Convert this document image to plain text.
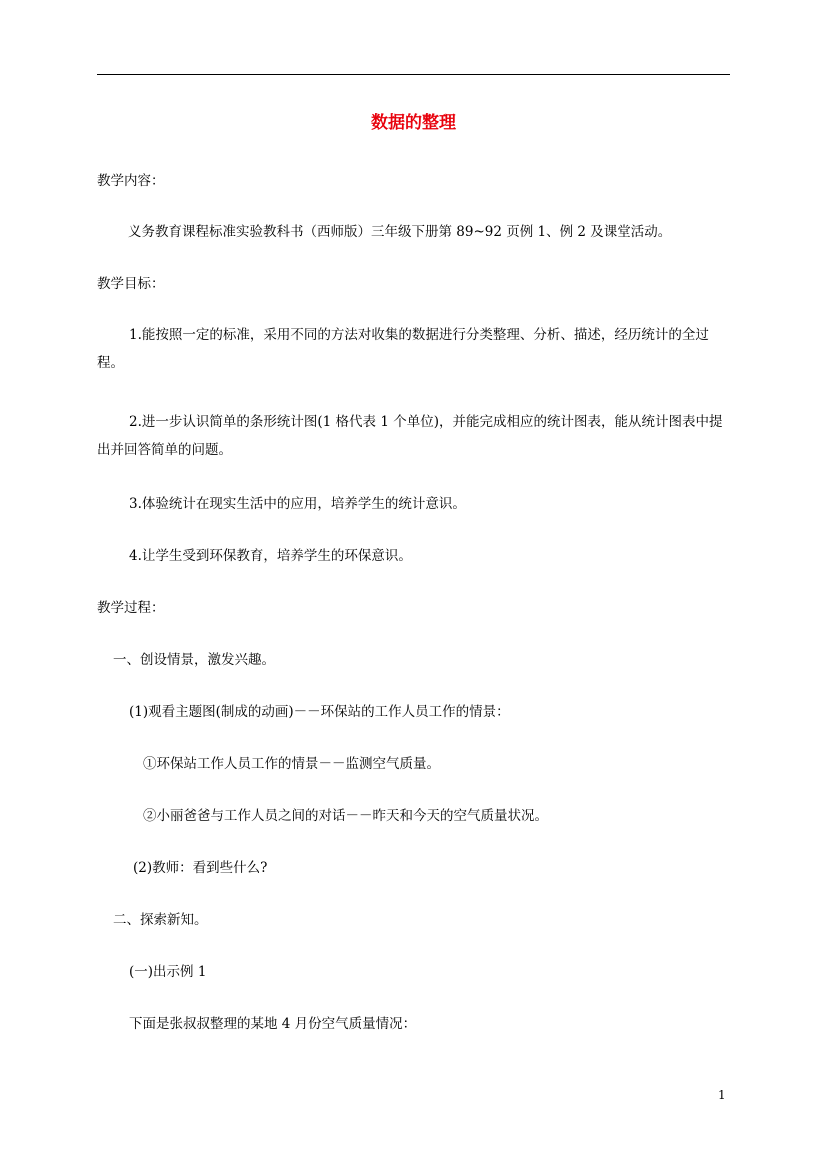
数据的整理
教学内容：
义务教育课程标准实验教科书（西师版）三年级下册第 89~92 页例 1、例 2 及课堂活动。
教学目标：
1.能按照一定的标准，采用不同的方法对收集的数据进行分类整理、分析、描述，经历统计的全过程。
2.进一步认识简单的条形统计图(1 格代表 1 个单位)，并能完成相应的统计图表，能从统计图表中提出并回答简单的问题。
3.体验统计在现实生活中的应用，培养学生的统计意识。
4.让学生受到环保教育，培养学生的环保意识。
教学过程：
一、创设情景，激发兴趣。
(1)观看主题图(制成的动画)－－环保站的工作人员工作的情景：
①环保站工作人员工作的情景－－监测空气质量。
②小丽爸爸与工作人员之间的对话－－昨天和今天的空气质量状况。
(2)教师：看到些什么?
二、探索新知。
(一)出示例 1
下面是张叔叔整理的某地 4 月份空气质量情况：
1
